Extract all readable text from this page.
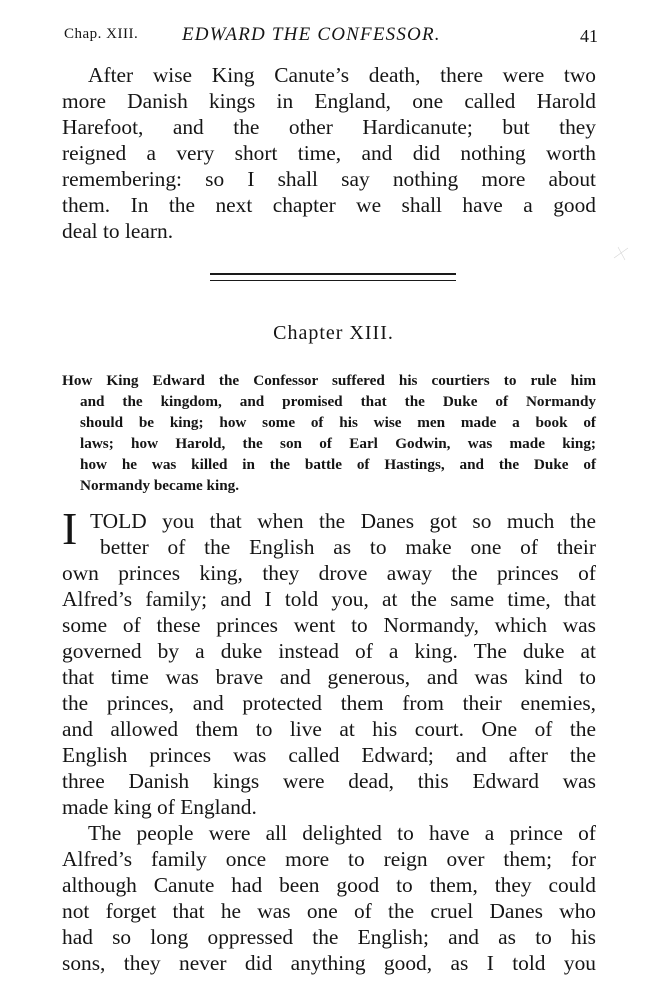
Chap. XIII. EDWARD THE CONFESSOR.	41
After wise King Canute’s death, there were two
more Danish kings in England, one called Harold
Harefoot, and the other Hardicanute; but they
reigned a very short time, and did nothing worth
remembering: so I shall say nothing more about
them. In the next chapter we shall have a good
deal to learn.
Chapter XIII.
How King Edward the Confessor suffered his courtiers to rule him
and the kingdom, and promised that the Duke of Normandy
should be king; how some of his wise men made a book of
laws; how Harold, the son of Earl Godwin, was made king;
how he was killed in the battle of Hastings, and the Duke of
Normandy became king.
I TOLD you that when the Danes got so much the
better of the English as to make one of their
own princes king, they drove away the princes of
Alfred’s family; and I told you, at the same time, that
some of these princes went to Normandy, which was
governed by a duke instead of a king. The duke at
that time was brave and generous, and was kind to
the princes, and protected them from their enemies,
and allowed them to live at his court. One of the
English princes was called Edward; and after the
three Danish kings were dead, this Edward was
made king of England.
The people were all delighted to have a prince of
Alfred’s family once more to reign over them; for
although Canute had been good to them, they could
not forget that he was one of the cruel Danes who
had so long oppressed the English; and as to his
sons, they never did anything good, as I told you
